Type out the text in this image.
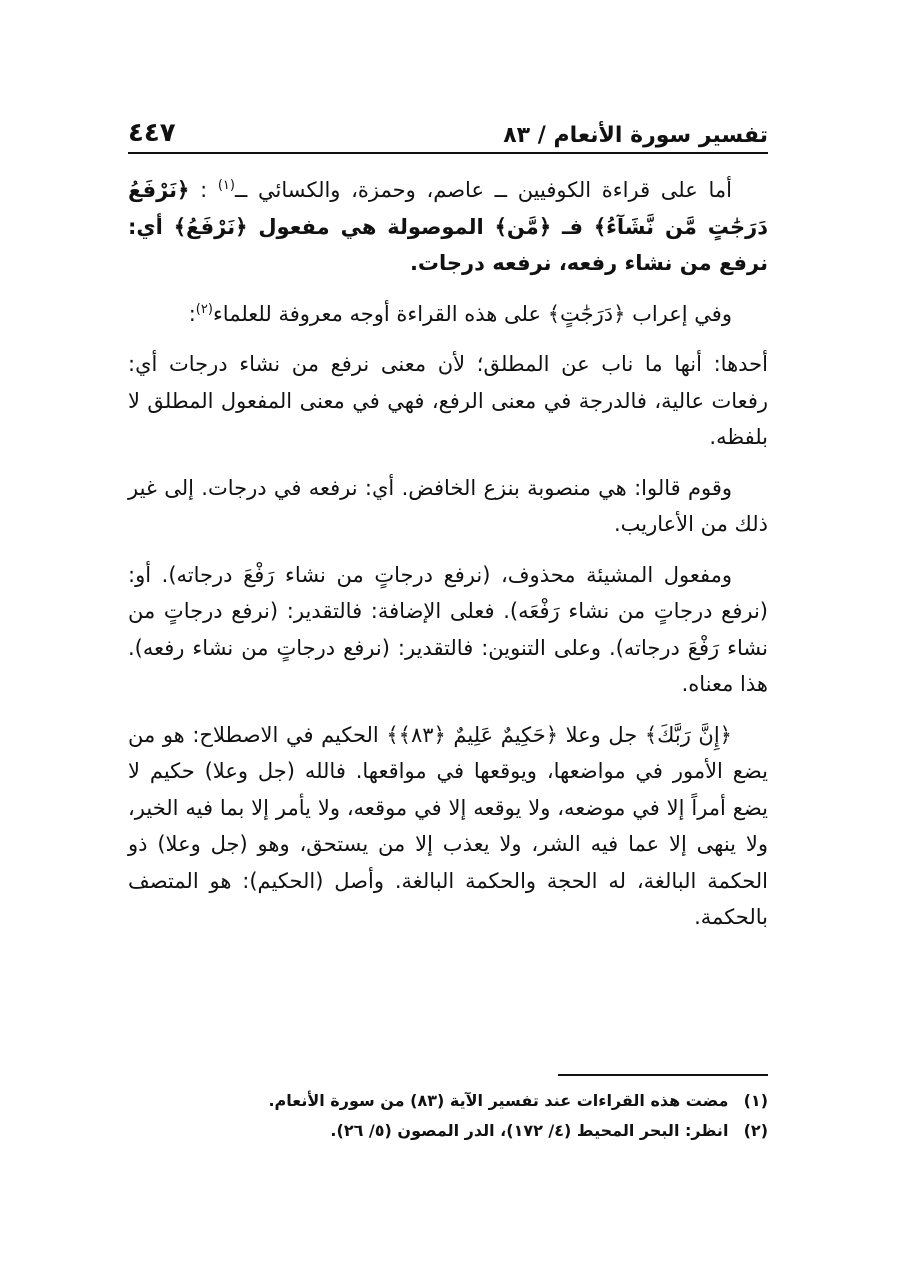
تفسير سورة الأنعام / ٨٣
٤٤٧

أما على قراءة الكوفيين ــ عاصم، وحمزة، والكسائي ــ$^{(١)}$ : ﴿نَرْفَعُ دَرَجَٰتٍ مَّن نَّشَآءُ﴾ فـ ﴿مَّن﴾ الموصولة هي مفعول ﴿نَرْفَعُ﴾ أي: نرفع من نشاء رفعه، نرفعه درجات.

وفي إعراب ﴿دَرَجَٰتٍ﴾ على هذه القراءة أوجه معروفة للعلماء$^{(٢)}$:

أحدها: أنها ما ناب عن المطلق؛ لأن معنى نرفع من نشاء درجات أي: رفعات عالية، فالدرجة في معنى الرفع، فهي في معنى المفعول المطلق لا بلفظه.

وقوم قالوا: هي منصوبة بنزع الخافض. أي: نرفعه في درجات. إلى غير ذلك من الأعاريب.

ومفعول المشيئة محذوف، (نرفع درجاتٍ من نشاء رَفْعَ درجاته). أو: (نرفع درجاتٍ من نشاء رَفْعَه). فعلى الإضافة: فالتقدير: (نرفع درجاتٍ من نشاء رَفْعَ درجاته). وعلى التنوين: فالتقدير: (نرفع درجاتٍ من نشاء رفعه). هذا معناه.

﴿إِنَّ رَبَّكَ﴾ جل وعلا ﴿حَكِيمٌ عَلِيمٌ ﴿٨٣﴾﴾ الحكيم في الاصطلاح: هو من يضع الأمور في مواضعها، ويوقعها في مواقعها. فالله (جل وعلا) حكيم لا يضع أمراً إلا في موضعه، ولا يوقعه إلا في موقعه، ولا يأمر إلا بما فيه الخير، ولا ينهى إلا عما فيه الشر، ولا يعذب إلا من يستحق، وهو (جل وعلا) ذو الحكمة البالغة، له الحجة والحكمة البالغة. وأصل (الحكيم): هو المتصف بالحكمة.

(١) مضت هذه القراءات عند تفسير الآية (٨٣) من سورة الأنعام.
(٢) انظر: البحر المحيط (٤/ ١٧٢)، الدر المصون (٥/ ٢٦).
